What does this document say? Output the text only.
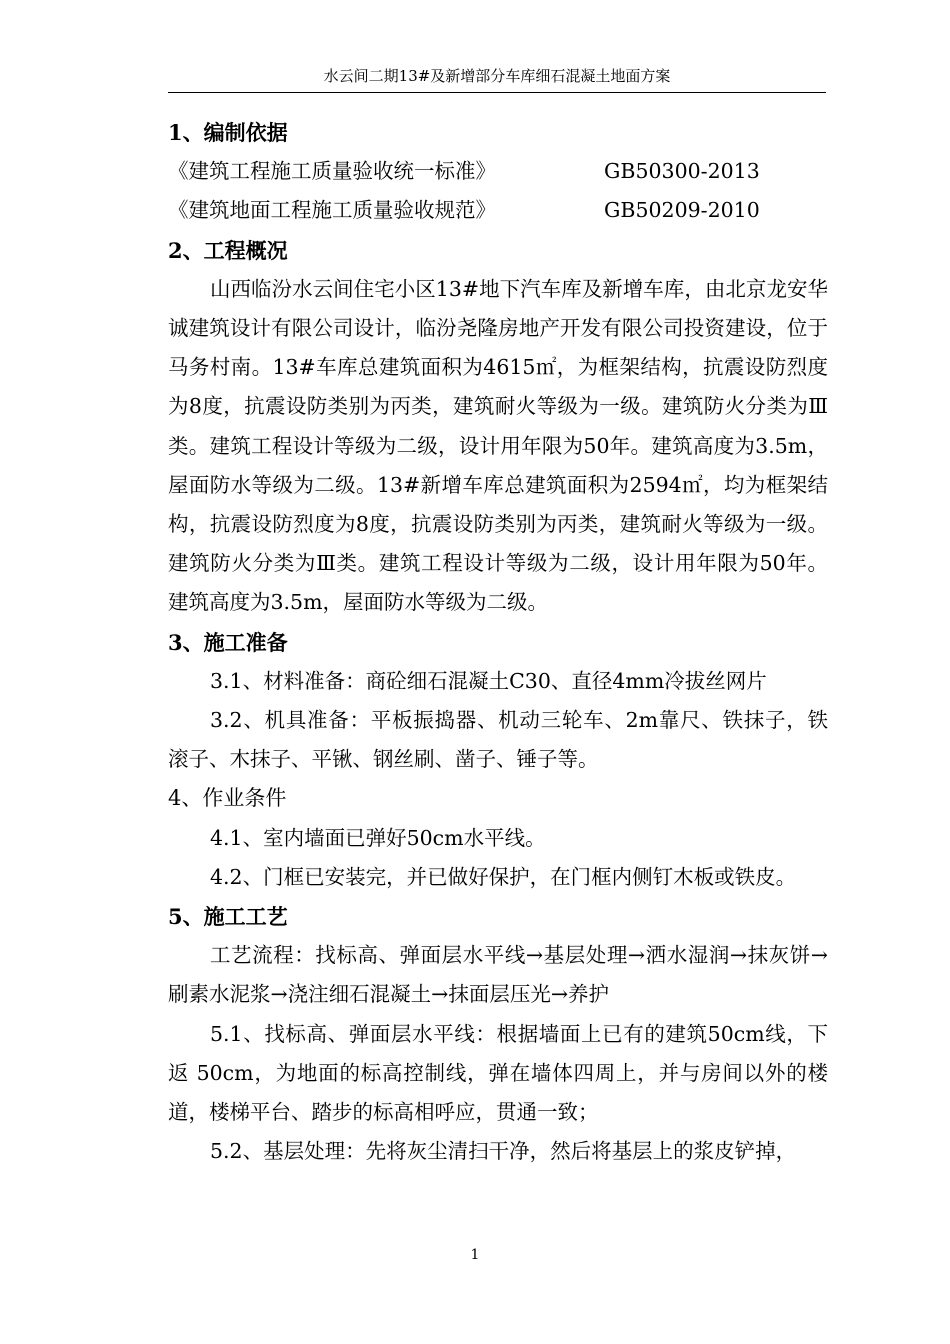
水云间二期13#及新增部分车库细石混凝土地面方案

1、编制依据

《建筑工程施工质量验收统一标准》	GB50300-2013

《建筑地面工程施工质量验收规范》	GB50209-2010

2、工程概况

山西临汾水云间住宅小区13#地下汽车库及新增车库，由北京龙安华诚建筑设计有限公司设计，临汾尧隆房地产开发有限公司投资建设，位于马务村南。13#车库总建筑面积为4615㎡，为框架结构，抗震设防烈度为8度，抗震设防类别为丙类，建筑耐火等级为一级。建筑防火分类为Ⅲ类。建筑工程设计等级为二级，设计用年限为50年。建筑高度为3.5m，屋面防水等级为二级。13#新增车库总建筑面积为2594㎡，均为框架结构，抗震设防烈度为8度，抗震设防类别为丙类，建筑耐火等级为一级。建筑防火分类为Ⅲ类。建筑工程设计等级为二级，设计用年限为50年。建筑高度为3.5m，屋面防水等级为二级。

3、施工准备

3.1、材料准备：商砼细石混凝土C30、直径4mm冷拔丝网片

3.2、机具准备：平板振捣器、机动三轮车、2m靠尺、铁抹子，铁滚子、木抹子、平锹、钢丝刷、凿子、锤子等。

4、作业条件

4.1、室内墙面已弹好50cm水平线。

4.2、门框已安装完，并已做好保护，在门框内侧钉木板或铁皮。

5、施工工艺

工艺流程：找标高、弹面层水平线→基层处理→洒水湿润→抹灰饼→刷素水泥浆→浇注细石混凝土→抹面层压光→养护

5.1、找标高、弹面层水平线：根据墙面上已有的建筑50cm线，下返 50cm，为地面的标高控制线，弹在墙体四周上，并与房间以外的楼道，楼梯平台、踏步的标高相呼应，贯通一致；

5.2、基层处理：先将灰尘清扫干净，然后将基层上的浆皮铲掉，

1
